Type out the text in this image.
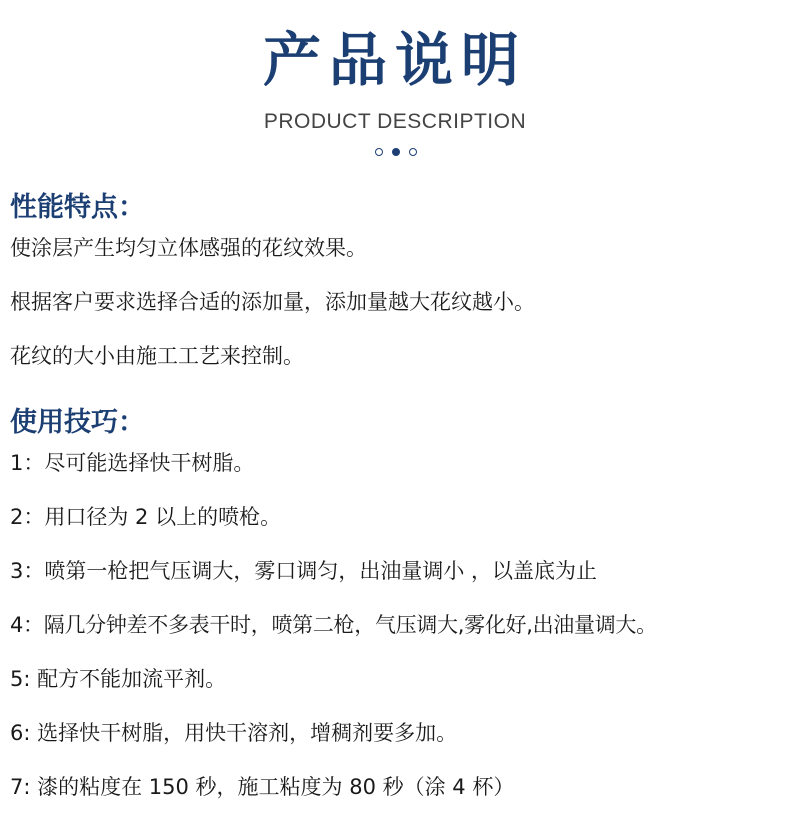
产品说明
PRODUCT DESCRIPTION
性能特点：

使涂层产生均匀立体感强的花纹效果。

根据客户要求选择合适的添加量，添加量越大花纹越小。

花纹的大小由施工工艺来控制。

使用技巧：

1：尽可能选择快干树脂。

2：用口径为 2 以上的喷枪。

3：喷第一枪把气压调大，雾口调匀，出油量调小 ，以盖底为止

4：隔几分钟差不多表干时，喷第二枪，气压调大,雾化好,出油量调大。

5: 配方不能加流平剂。

6: 选择快干树脂，用快干溶剂，增稠剂要多加。

7: 漆的粘度在 150 秒，施工粘度为 80 秒（涂 4 杯）
